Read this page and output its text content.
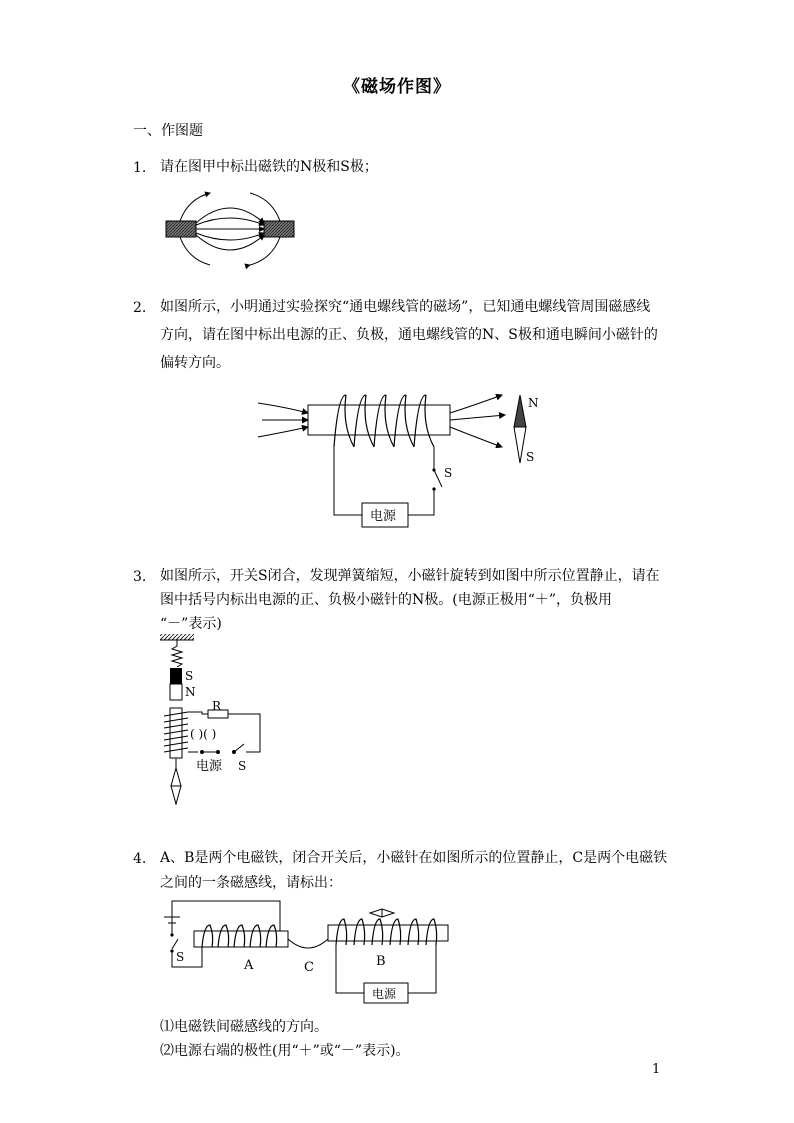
《磁场作图》
一、作图题
1. 请在图甲中标出磁铁的N极和S极；
2. 如图所示，小明通过实验探究“通电螺线管的磁场”，已知通电螺线管周围磁感线
方向，请在图中标出电源的正、负极，通电螺线管的N、S极和通电瞬间小磁针的
偏转方向。
S
电源
N
S
3. 如图所示，开关S闭合，发现弹簧缩短，小磁针旋转到如图中所示位置静止，请在
图中括号内标出电源的正、负极小磁针的N极。(电源正极用“＋”，负极用
“－”表示)
S
N
R
( )( )
电源 S
4. A、B是两个电磁铁，闭合开关后，小磁针在如图所示的位置静止，C是两个电磁铁
之间的一条磁感线，请标出：
S
A	C	B
电源
⑴电磁铁间磁感线的方向。
⑵电源右端的极性(用“＋”或“－”表示)。
1
